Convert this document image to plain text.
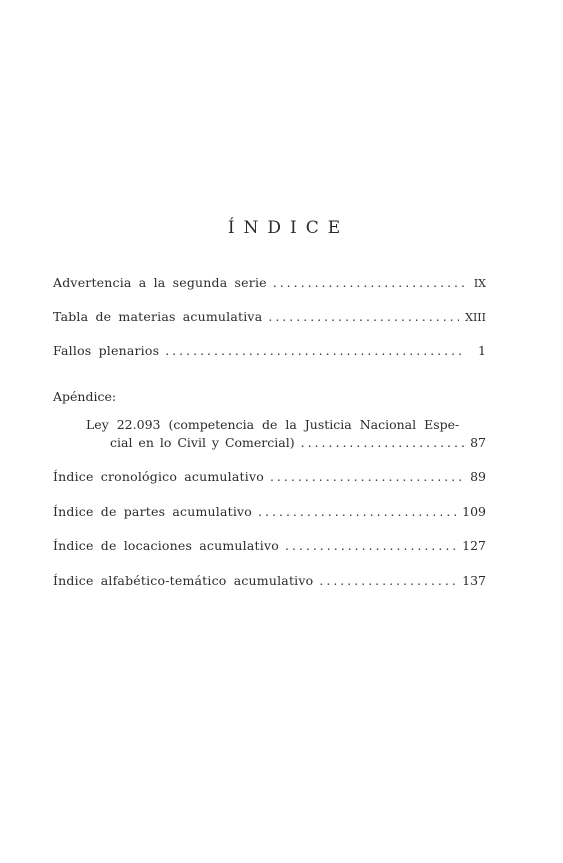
ÍNDICE
Advertencia a la segunda serie .....	IX
Tabla de materias acumulativa .....	XIII
Fallos plenarios .....	1
Apéndice:
Ley 22.093 (competencia de la Justicia Nacional Espe-
cial en lo Civil y Comercial) .....	87
Índice cronológico acumulativo .....	89
Índice de partes acumulativo .....	109
Índice de locaciones acumulativo .....	127
Índice alfabético-temático acumulativo .....	137
